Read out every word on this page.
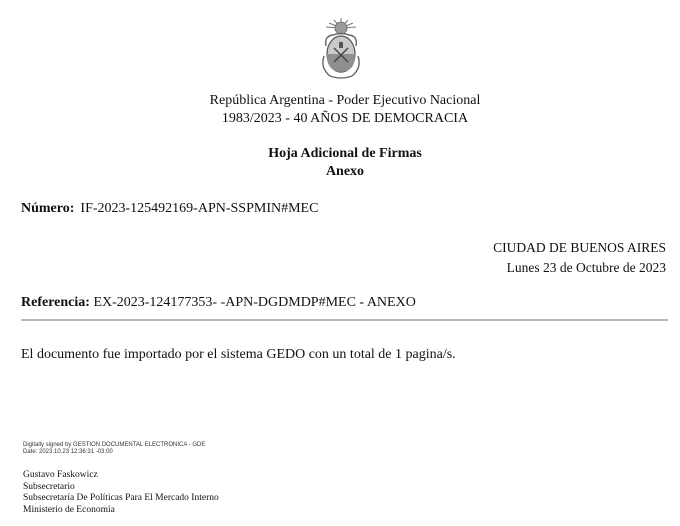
República Argentina - Poder Ejecutivo Nacional
1983/2023 - 40 AÑOS DE DEMOCRACIA
Hoja Adicional de Firmas
Anexo
Número: IF-2023-125492169-APN-SSPMIN#MEC
CIUDAD DE BUENOS AIRES
Lunes 23 de Octubre de 2023
Referencia: EX-2023-124177353- -APN-DGDMDP#MEC - ANEXO
El documento fue importado por el sistema GEDO con un total de 1 pagina/s.
Digitally signed by GESTION DOCUMENTAL ELECTRONICA - GDE
Date: 2023.10.23 12:36:31 -03:00
Gustavo Faskowicz
Subsecretario
Subsecretaría De Políticas Para El Mercado Interno
Ministerio de Economía
